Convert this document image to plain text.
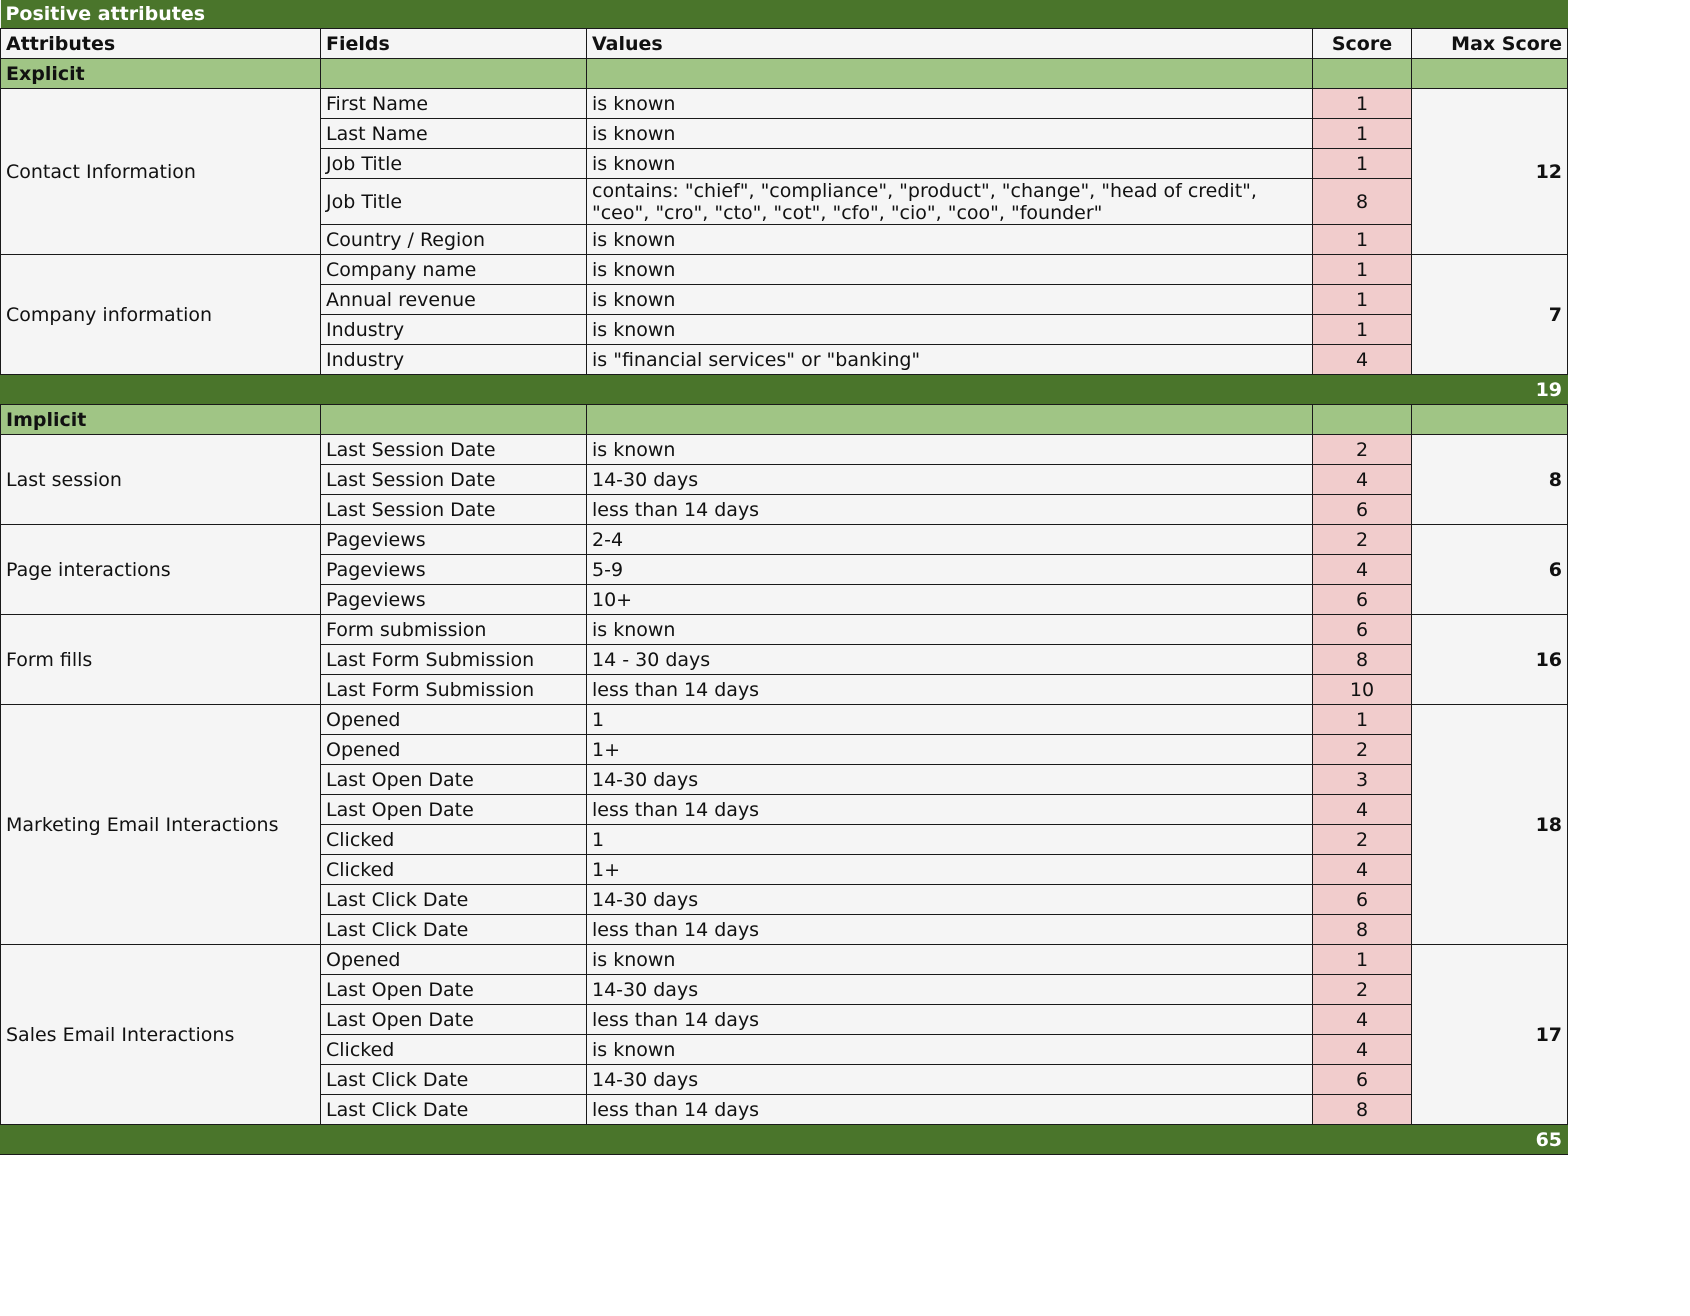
Positive attributes				
Attributes	Fields	Values	Score	Max Score
Explicit				
Contact Information	First Name	is known	1	12
	Last Name	is known	1	
	Job Title	is known	1	
	Job Title	contains: "chief", "compliance", "product", "change", "head of credit", "ceo", "cro", "cto", "cot", "cfo", "cio", "coo", "founder"	8	
	Country / Region	is known	1	
Company information	Company name	is known	1	7
	Annual revenue	is known	1	
	Industry	is known	1	
	Industry	is "financial services" or "banking"	4	
				19
Implicit				
Last session	Last Session Date	is known	2	8
	Last Session Date	14-30 days	4	
	Last Session Date	less than 14 days	6	
Page interactions	Pageviews	2-4	2	6
	Pageviews	5-9	4	
	Pageviews	10+	6	
Form fills	Form submission	is known	6	16
	Last Form Submission	14 - 30 days	8	
	Last Form Submission	less than 14 days	10	
Marketing Email Interactions	Opened	1	1	18
	Opened	1+	2	
	Last Open Date	14-30 days	3	
	Last Open Date	less than 14 days	4	
	Clicked	1	2	
	Clicked	1+	4	
	Last Click Date	14-30 days	6	
	Last Click Date	less than 14 days	8	
Sales Email Interactions	Opened	is known	1	17
	Last Open Date	14-30 days	2	
	Last Open Date	less than 14 days	4	
	Clicked	is known	4	
	Last Click Date	14-30 days	6	
	Last Click Date	less than 14 days	8	
				65
